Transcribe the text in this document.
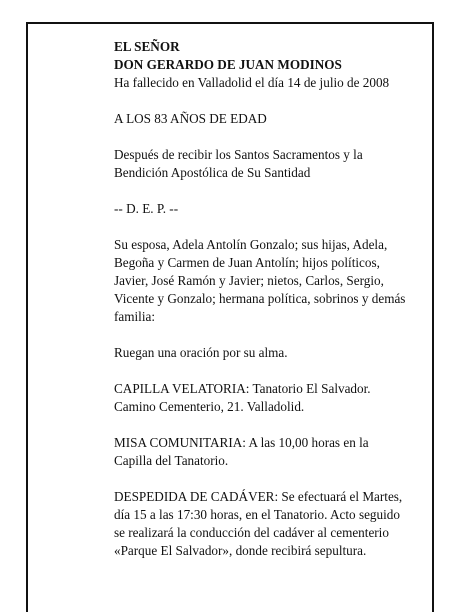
EL SEÑOR

DON GERARDO DE JUAN MODINOS

Ha fallecido en Valladolid el día 14 de julio de 2008

A LOS 83 AÑOS DE EDAD

Después de recibir los Santos Sacramentos y la
Bendición Apostólica de Su Santidad

-- D. E. P. --

Su esposa, Adela Antolín Gonzalo; sus hijas, Adela,
Begoña y Carmen de Juan Antolín; hijos políticos,
Javier, José Ramón y Javier; nietos, Carlos, Sergio,
Vicente y Gonzalo; hermana política, sobrinos y demás
familia:

Ruegan una oración por su alma.

CAPILLA VELATORIA: Tanatorio El Salvador.
Camino Cementerio, 21. Valladolid.

MISA COMUNITARIA: A las 10,00 horas en la
Capilla del Tanatorio.

DESPEDIDA DE CADÁVER: Se efectuará el Martes,
día 15 a las 17:30 horas, en el Tanatorio. Acto seguido
se realizará la conducción del cadáver al cementerio
«Parque El Salvador», donde recibirá sepultura.
